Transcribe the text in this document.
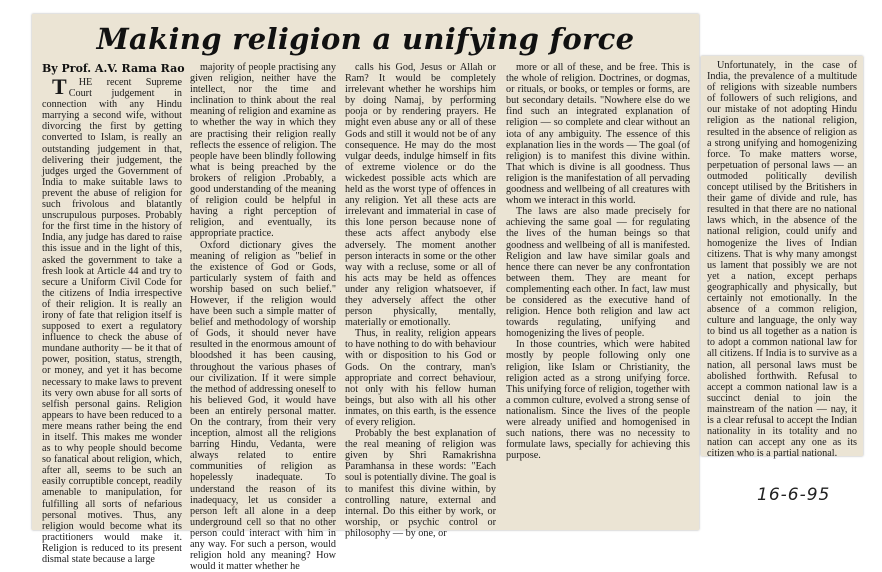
Making religion a unifying force
By Prof. A.V. Rama Rao

THE recent Supreme Court judgement in connection with any Hindu marrying a second wife, without divorcing the first by getting converted to Islam, is really an outstanding judgement in that, delivering their judgement, the judges urged the Government of India to make suitable laws to prevent the abuse of religion for such frivolous and blatantly unscrupulous purposes. Probably for the first time in the history of India, any judge has dared to raise this issue and in the light of this, asked the government to take a fresh look at Article 44 and try to secure a Uniform Civil Code for the citizens of India irrespective of their religion. It is really an irony of fate that religion itself is supposed to exert a regulatory influence to check the abuse of mundane authority — be it that of power, position, status, strength, or money, and yet it has become necessary to make laws to prevent its very own abuse for all sorts of selfish personal gains. Religion appears to have been reduced to a mere means rather being the end in itself. This makes me wonder as to why people should become so fanatical about religion, which, after all, seems to be such an easily corruptible concept, readily amenable to manipulation, for fulfilling all sorts of nefarious personal motives. Thus, any religion would become what its practitioners would make it. Religion is reduced to its present dismal state because a large

majority of people practising any given religion, neither have the intellect, nor the time and inclination to think about the real meaning of religion and examine as to whether the way in which they are practising their religion really reflects the essence of religion. The people have been blindly following what is being preached by the brokers of religion .Probably, a good understanding of the meaning of religion could be helpful in having a right perception of religion, and eventually, its appropriate practice.

Oxford dictionary gives the meaning of religion as "belief in the existence of God or Gods, particularly system of faith and worship based on such belief." However, if the religion would have been such a simple matter of belief and methodology of worship of Gods, it should never have resulted in the enormous amount of bloodshed it has been causing, throughout the various phases of our civilization. If it were simple the method of addressing oneself to his believed God, it would have been an entirely personal matter. On the contrary, from their very inception, almost all the religions barring Hindu, Vedanta, were always related to entire communities of religion as hopelessly inadequate. To understand the reason of its inadequacy, let us consider a person left all alone in a deep underground cell so that no other person could interact with him in any way. For such a person, would religion hold any meaning? How would it matter whether he

calls his God, Jesus or Allah or Ram? It would be completely irrelevant whether he worships him by doing Namaj, by performing pooja or by rendering prayers. He might even abuse any or all of these Gods and still it would not be of any consequence. He may do the most vulgar deeds, indulge himself in fits of extreme violence or do the wickedest possible acts which are held as the worst type of offences in any religion. Yet all these acts are irrelevant and immaterial in case of this lone person because none of these acts affect anybody else adversely. The moment another person interacts in some or the other way with a recluse, some or all of his acts may be held as offences under any religion whatsoever, if they adversely affect the other person physically, mentally, materially or emotionally.

Thus, in reality, religion appears to have nothing to do with behaviour with or disposition to his God or Gods. On the contrary, man's appropriate and correct behaviour, not only with his fellow human beings, but also with all his other inmates, on this earth, is the essence of every religion.

Probably the best explanation of the real meaning of religion was given by Shri Ramakrishna Paramhansa in these words: "Each soul is potentially divine. The goal is to manifest this divine within, by controlling nature, external and internal. Do this either by work, or worship, or psychic control or philosophy — by one, or

more or all of these, and be free. This is the whole of religion. Doctrines, or dogmas, or rituals, or books, or temples or forms, are but secondary details. "Nowhere else do we find such an integrated explanation of religion — so complete and clear without an iota of any ambiguity. The essence of this explanation lies in the words — The goal (of religion) is to manifest this divine within. That which is divine is all goodness. Thus religion is the manifestation of all pervading goodness and wellbeing of all creatures with whom we interact in this world.

The laws are also made precisely for achieving the same goal — for regulating the lives of the human beings so that goodness and wellbeing of all is manifested. Religion and law have similar goals and hence there can never be any confrontation between them. They are meant for complementing each other. In fact, law must be considered as the executive hand of religion. Hence both religion and law act towards regulating, unifying and homogenizing the lives of people.

In those countries, which were habited mostly by people following only one religion, like Islam or Christianity, the religion acted as a strong unifying force. This unifying force of religion, together with a common culture, evolved a strong sense of nationalism. Since the lives of the people were already unified and homogenised in such nations, there was no necessity to formulate laws, specially for achieving this purpose.

Unfortunately, in the case of India, the prevalence of a multitude of religions with sizeable numbers of followers of such religions, and our mistake of not adopting Hindu religion as the national religion, resulted in the absence of religion as a strong unifying and homogenizing force. To make matters worse, perpetuation of personal laws — an outmoded politically devilish concept utilised by the Britishers in their game of divide and rule, has resulted in that there are no national laws which, in the absence of the national religion, could unify and homogenize the lives of Indian citizens. That is why many amongst us lament that possibly we are not yet a nation, except perhaps geographically and physically, but certainly not emotionally. In the absence of a common religion, culture and language, the only way to bind us all together as a nation is to adopt a common national law for all citizens. If India is to survive as a nation, all personal laws must be abolished forthwith. Refusal to accept a common national law is a succinct denial to join the mainstream of the nation — nay, it is a clear refusal to accept the Indian nationality in its totality and no nation can accept any one as its citizen who is a partial national.

16-6-95
